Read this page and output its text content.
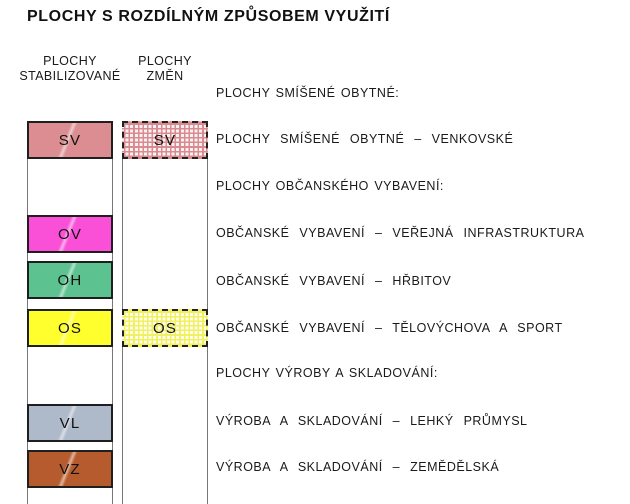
PLOCHY S ROZDÍLNÝM ZPŮSOBEM VYUŽITÍ
PLOCHY
STABILIZOVANÉ
PLOCHY
ZMĚN
SV
OV
OH
OS
VL
VZ
SV
OS
PLOCHY SMÍŠENÉ OBYTNÉ:
PLOCHY SMÍŠENÉ OBYTNÉ – VENKOVSKÉ
PLOCHY OBČANSKÉHO VYBAVENÍ:
OBČANSKÉ VYBAVENÍ – VEŘEJNÁ INFRASTRUKTURA
OBČANSKÉ VYBAVENÍ – HŘBITOV
OBČANSKÉ VYBAVENÍ – TĚLOVÝCHOVA A SPORT
PLOCHY VÝROBY A SKLADOVÁNÍ:
VÝROBA A SKLADOVÁNÍ – LEHKÝ PRŮMYSL
VÝROBA A SKLADOVÁNÍ – ZEMĚDĚLSKÁ
